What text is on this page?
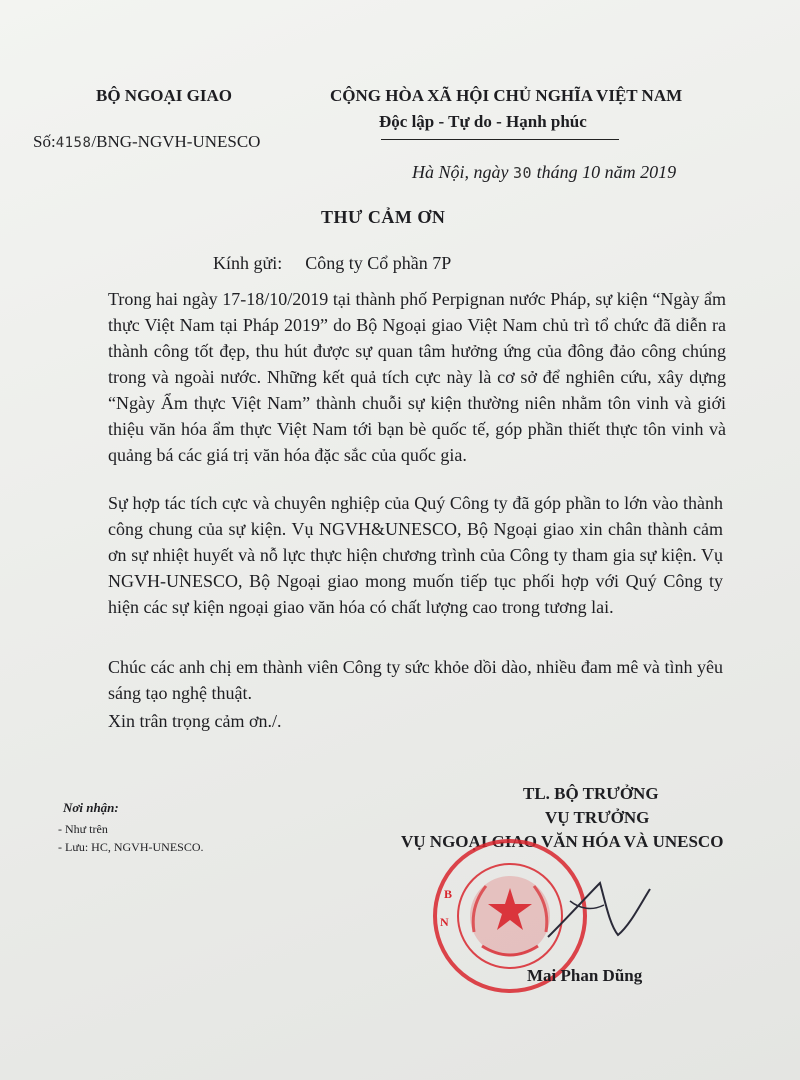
BỘ NGOẠI GIAO
Số:4158/BNG-NGVH-UNESCO
CỘNG HÒA XÃ HỘI CHỦ NGHĨA VIỆT NAM
Độc lập - Tự do - Hạnh phúc
Hà Nội, ngày 30 tháng 10 năm 2019
THƯ CẢM ƠN
Kính gửi: Công ty Cổ phần 7P

Trong hai ngày 17-18/10/2019 tại thành phố Perpignan nước Pháp, sự kiện “Ngày ẩm thực Việt Nam tại Pháp 2019” do Bộ Ngoại giao Việt Nam chủ trì tổ chức đã diễn ra thành công tốt đẹp, thu hút được sự quan tâm hưởng ứng của đông đảo công chúng trong và ngoài nước. Những kết quả tích cực này là cơ sở để nghiên cứu, xây dựng “Ngày Ẩm thực Việt Nam” thành chuỗi sự kiện thường niên nhằm tôn vinh và giới thiệu văn hóa ẩm thực Việt Nam tới bạn bè quốc tế, góp phần thiết thực tôn vinh và quảng bá các giá trị văn hóa đặc sắc của quốc gia.

Sự hợp tác tích cực và chuyên nghiệp của Quý Công ty đã góp phần to lớn vào thành công chung của sự kiện. Vụ NGVH&UNESCO, Bộ Ngoại giao xin chân thành cảm ơn sự nhiệt huyết và nỗ lực thực hiện chương trình của Công ty tham gia sự kiện. Vụ NGVH-UNESCO, Bộ Ngoại giao mong muốn tiếp tục phối hợp với Quý Công ty hiện các sự kiện ngoại giao văn hóa có chất lượng cao trong tương lai.

Chúc các anh chị em thành viên Công ty sức khỏe dồi dào, nhiều đam mê và tình yêu sáng tạo nghệ thuật.

Xin trân trọng cảm ơn./.
Nơi nhận:
- Như trên
- Lưu: HC, NGVH-UNESCO.
TL. BỘ TRƯỞNG
VỤ TRƯỞNG
VỤ NGOẠI GIAO VĂN HÓA VÀ UNESCO
B
N
Mai Phan Dũng
